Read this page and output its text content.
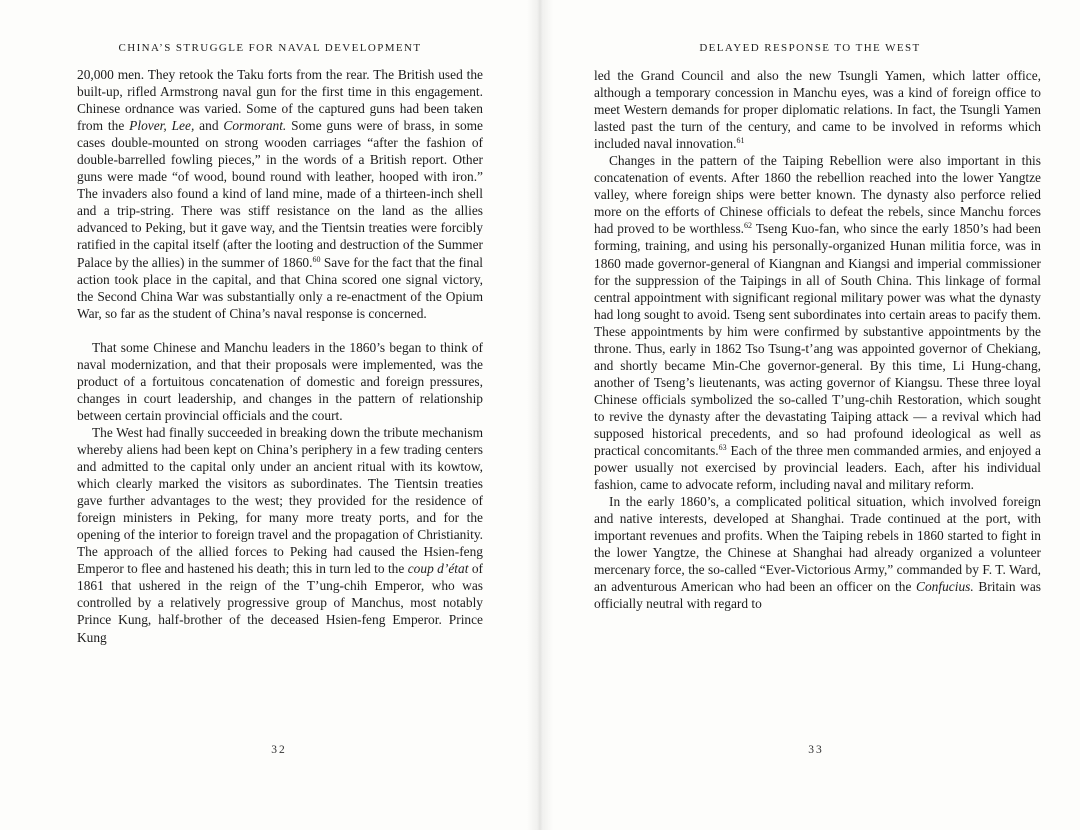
CHINA’S STRUGGLE FOR NAVAL DEVELOPMENT

20,000 men. They retook the Taku forts from the rear. The British used the built-up, rifled Armstrong naval gun for the first time in this engagement. Chinese ordnance was varied. Some of the captured guns had been taken from the Plover, Lee, and Cormorant. Some guns were of brass, in some cases double-mounted on strong wooden carriages “after the fashion of double-barrelled fowling pieces,” in the words of a British report. Other guns were made “of wood, bound round with leather, hooped with iron.” The invaders also found a kind of land mine, made of a thirteen-inch shell and a trip-string. There was stiff resistance on the land as the allies advanced to Peking, but it gave way, and the Tientsin treaties were forcibly ratified in the capital itself (after the looting and destruction of the Summer Palace by the allies) in the summer of 1860.60 Save for the fact that the final action took place in the capital, and that China scored one signal victory, the Second China War was substantially only a re-enactment of the Opium War, so far as the student of China’s naval response is concerned.

That some Chinese and Manchu leaders in the 1860’s began to think of naval modernization, and that their proposals were implemented, was the product of a fortuitous concatenation of domestic and foreign pressures, changes in court leadership, and changes in the pattern of relationship between certain provincial officials and the court.

The West had finally succeeded in breaking down the tribute mechanism whereby aliens had been kept on China’s periphery in a few trading centers and admitted to the capital only under an ancient ritual with its kowtow, which clearly marked the visitors as subordinates. The Tientsin treaties gave further advantages to the west; they provided for the residence of foreign ministers in Peking, for many more treaty ports, and for the opening of the interior to foreign travel and the propagation of Christianity. The approach of the allied forces to Peking had caused the Hsien-feng Emperor to flee and hastened his death; this in turn led to the coup d’état of 1861 that ushered in the reign of the T’ung-chih Emperor, who was controlled by a relatively progressive group of Manchus, most notably Prince Kung, half-brother of the deceased Hsien-feng Emperor. Prince Kung

32
DELAYED RESPONSE TO THE WEST

led the Grand Council and also the new Tsungli Yamen, which latter office, although a temporary concession in Manchu eyes, was a kind of foreign office to meet Western demands for proper diplomatic relations. In fact, the Tsungli Yamen lasted past the turn of the century, and came to be involved in reforms which included naval innovation.$^{61}$

Changes in the pattern of the Taiping Rebellion were also important in this concatenation of events. After 1860 the rebellion reached into the lower Yangtze valley, where foreign ships were better known. The dynasty also perforce relied more on the efforts of Chinese officials to defeat the rebels, since Manchu forces had proved to be worthless.$^{62}$ Tseng Kuo-fan, who since the early 1850’s had been forming, training, and using his personally-organized Hunan militia force, was in 1860 made governor-general of Kiangnan and Kiangsi and imperial commissioner for the suppression of the Taipings in all of South China. This linkage of formal central appointment with significant regional military power was what the dynasty had long sought to avoid. Tseng sent subordinates into certain areas to pacify them. These appointments by him were confirmed by substantive appointments by the throne. Thus, early in 1862 Tso Tsung-t’ang was appointed governor of Chekiang, and shortly became Min-Che governor-general. By this time, Li Hung-chang, another of Tseng’s lieutenants, was acting governor of Kiangsu. These three loyal Chinese officials symbolized the so-called T’ung-chih Restoration, which sought to revive the dynasty after the devastating Taiping attack — a revival which had supposed historical precedents, and so had profound ideological as well as practical concomitants.$^{63}$ Each of the three men commanded armies, and enjoyed a power usually not exercised by provincial leaders. Each, after his individual fashion, came to advocate reform, including naval and military reform.

In the early 1860’s, a complicated political situation, which involved foreign and native interests, developed at Shanghai. Trade continued at the port, with important revenues and profits. When the Taiping rebels in 1860 started to fight in the lower Yangtze, the Chinese at Shanghai had already organized a volunteer mercenary force, the so-called “Ever-Victorious Army,” commanded by F. T. Ward, an adventurous American who had been an officer on the Confucius. Britain was officially neutral with regard to

33
